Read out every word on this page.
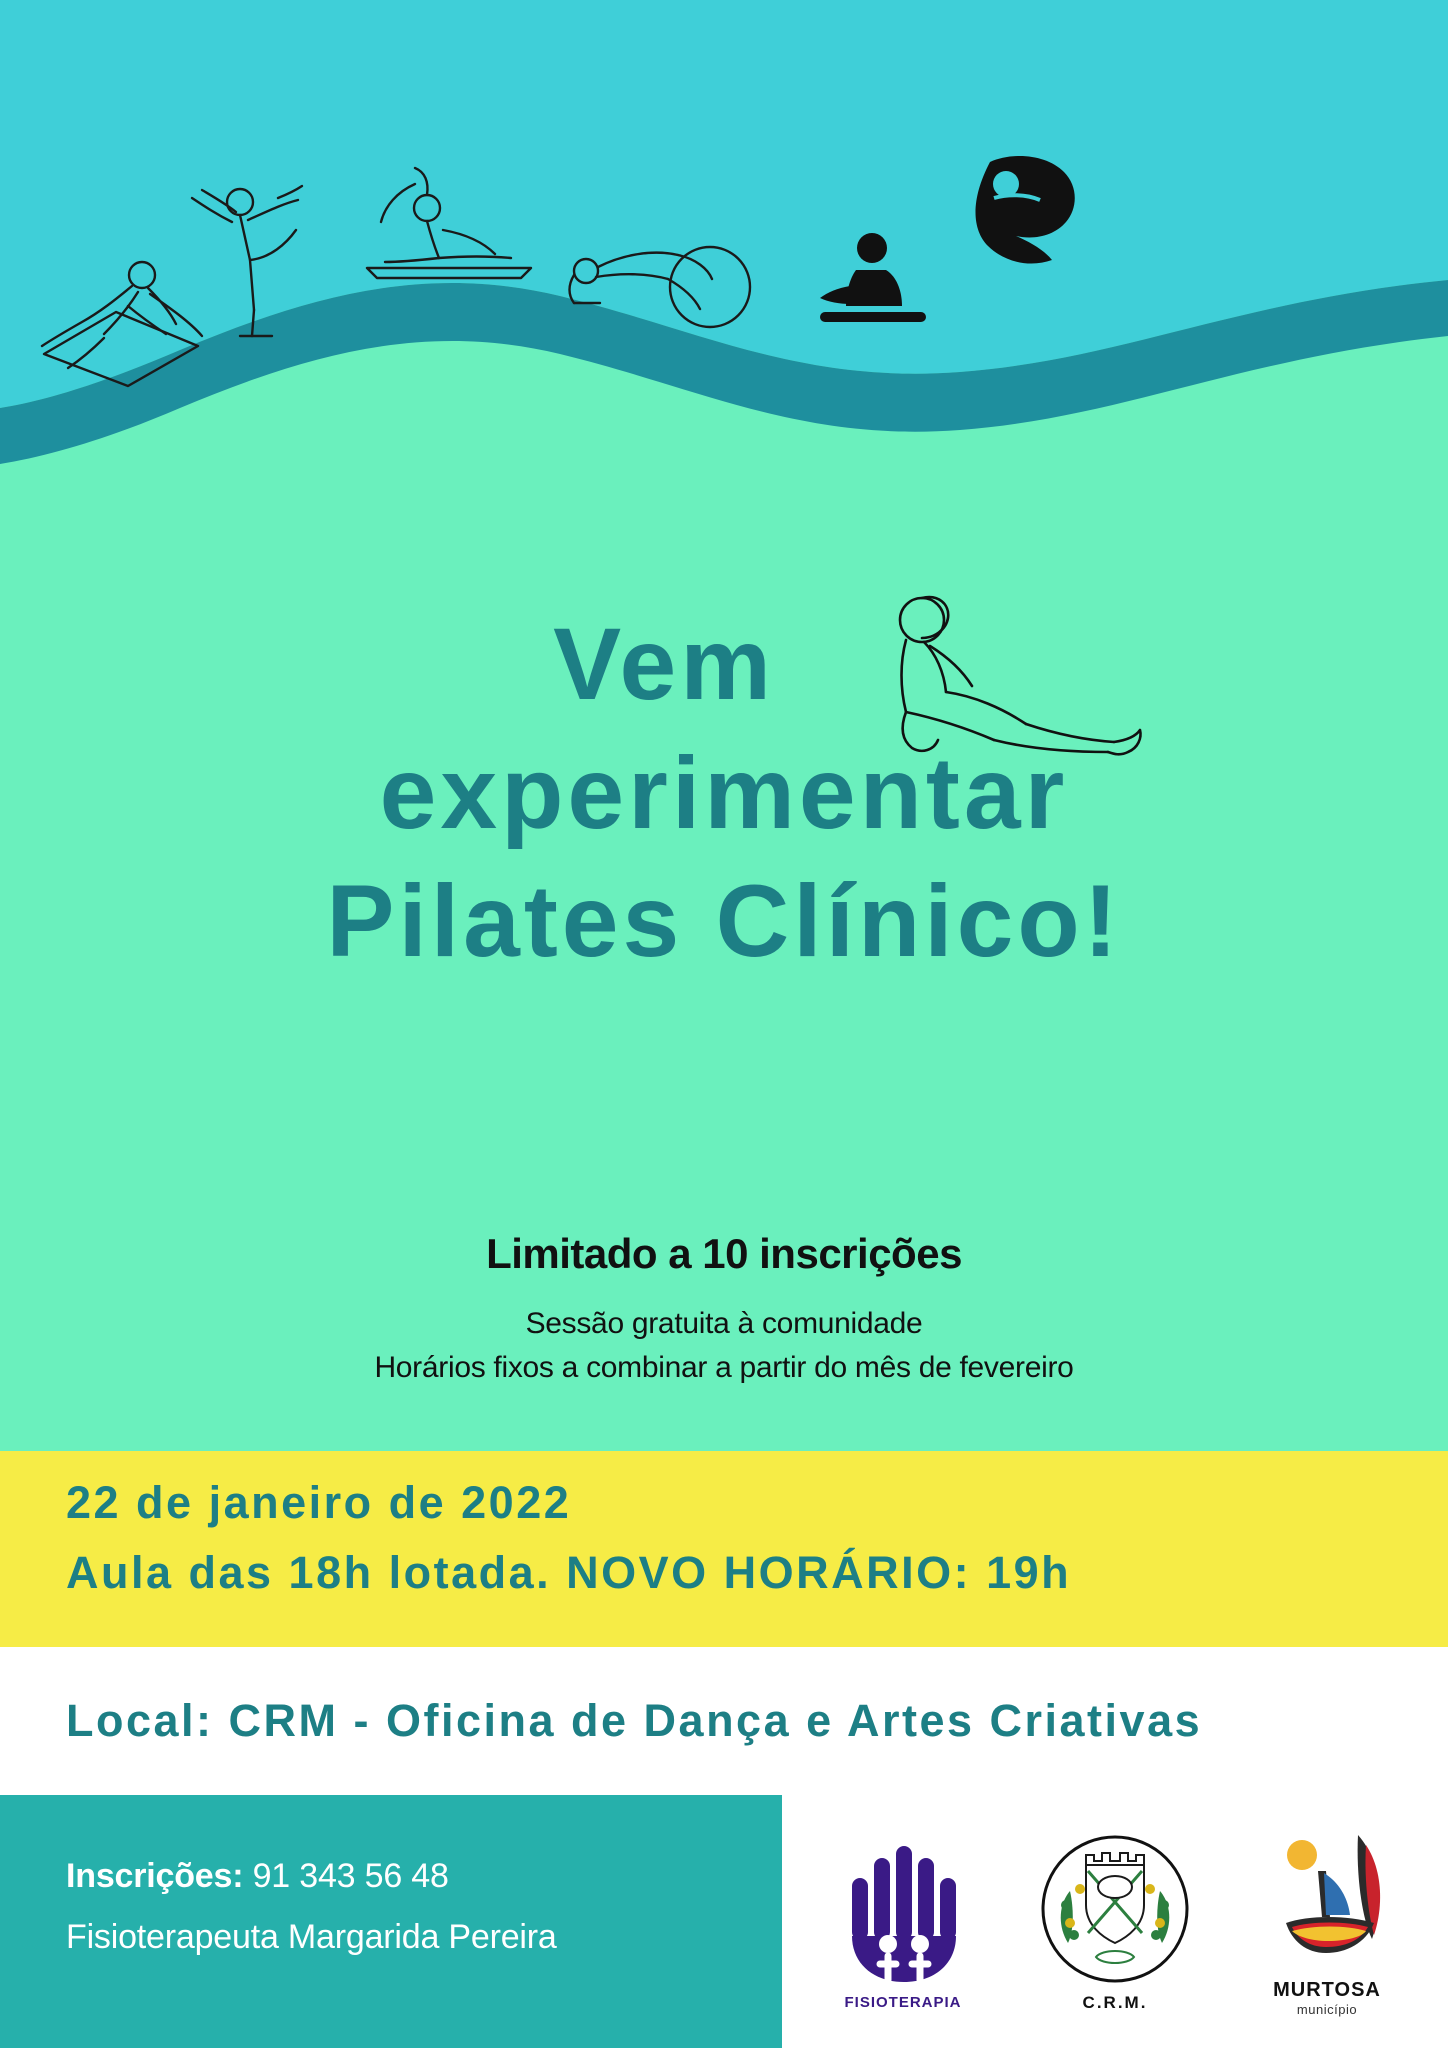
Vem
experimentar
Pilates Clínico!
Limitado a 10 inscrições
Sessão gratuita à comunidade
Horários fixos a combinar a partir do mês de fevereiro
22 de janeiro de 2022
Aula das 18h lotada. NOVO HORÁRIO: 19h
Local: CRM - Oficina de Dança e Artes Criativas
Inscrições: 91 343 56 48
Fisioterapeuta Margarida Pereira
FISIOTERAPIA	C.R.M.
MURTOSA
município
